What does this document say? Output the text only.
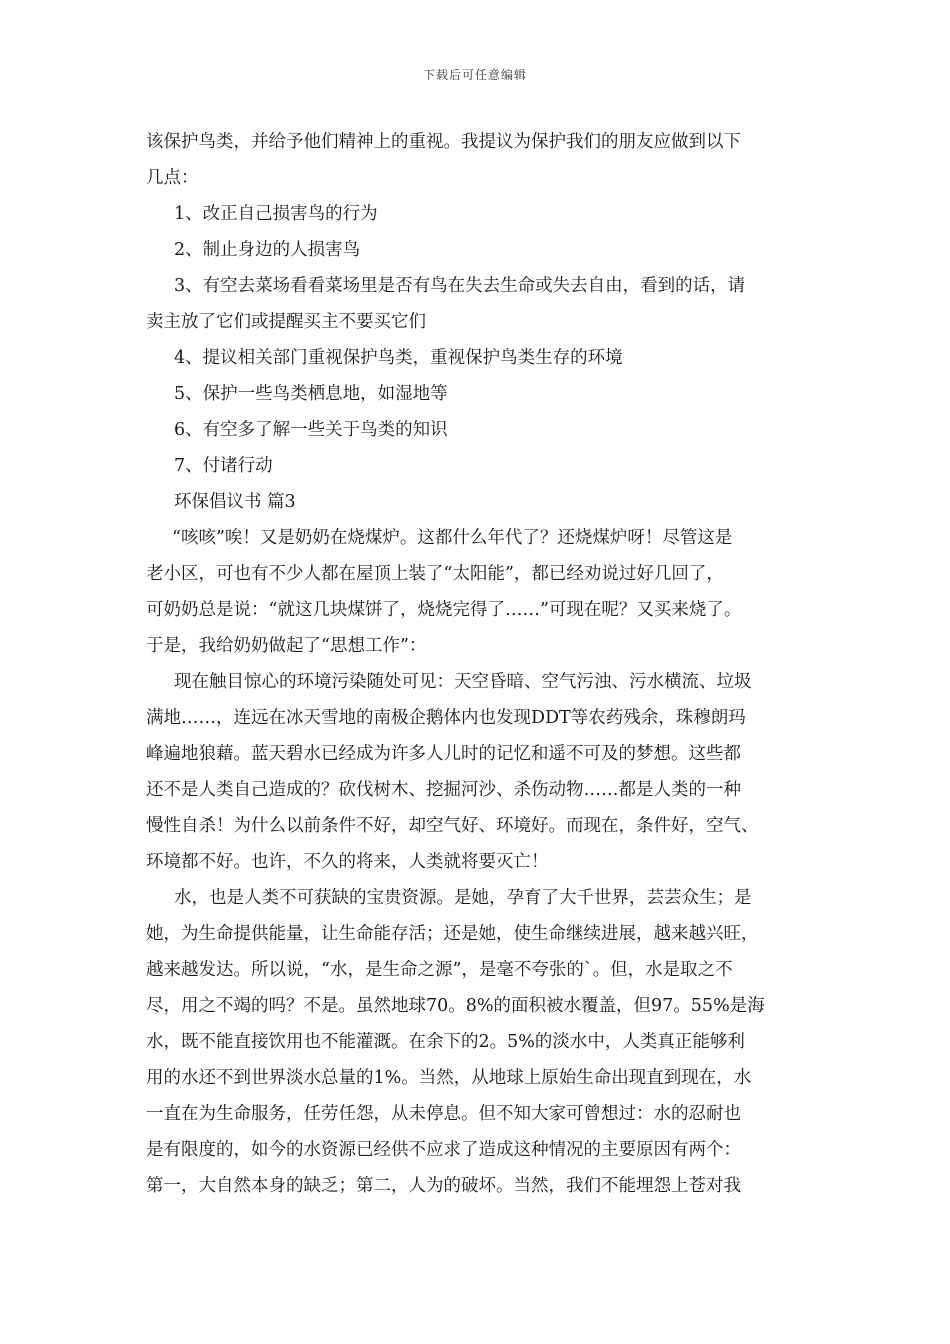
下载后可任意编辑
该保护鸟类，并给予他们精神上的重视。我提议为保护我们的朋友应做到以下
几点：
1、改正自己损害鸟的行为
2、制止身边的人损害鸟
3、有空去菜场看看菜场里是否有鸟在失去生命或失去自由，看到的话，请
卖主放了它们或提醒买主不要买它们
4、提议相关部门重视保护鸟类，重视保护鸟类生存的环境
5、保护一些鸟类栖息地，如湿地等
6、有空多了解一些关于鸟类的知识
7、付诸行动
环保倡议书 篇3
“咳咳”唉！又是奶奶在烧煤炉。这都什么年代了？还烧煤炉呀！尽管这是
老小区，可也有不少人都在屋顶上装了“太阳能”，都已经劝说过好几回了，
可奶奶总是说：“就这几块煤饼了，烧烧完得了……”可现在呢？又买来烧了。
于是，我给奶奶做起了“思想工作”：
现在触目惊心的环境污染随处可见：天空昏暗、空气污浊、污水横流、垃圾
满地……，连远在冰天雪地的南极企鹅体内也发现DDT等农药残余，珠穆朗玛
峰遍地狼藉。蓝天碧水已经成为许多人儿时的记忆和遥不可及的梦想。这些都
还不是人类自己造成的？砍伐树木、挖掘河沙、杀伤动物……都是人类的一种
慢性自杀！为什么以前条件不好，却空气好、环境好。而现在，条件好，空气、
环境都不好。也许，不久的将来，人类就将要灭亡！
水，也是人类不可获缺的宝贵资源。是她，孕育了大千世界，芸芸众生；是
她，为生命提供能量，让生命能存活；还是她，使生命继续进展，越来越兴旺，
越来越发达。所以说，“水，是生命之源”，是毫不夸张的`。但，水是取之不
尽，用之不竭的吗？不是。虽然地球70。8%的面积被水覆盖，但97。55%是海
水，既不能直接饮用也不能灌溉。在余下的2。5%的淡水中，人类真正能够利
用的水还不到世界淡水总量的1%。当然，从地球上原始生命出现直到现在，水
一直在为生命服务，任劳任怨，从未停息。但不知大家可曾想过：水的忍耐也
是有限度的，如今的水资源已经供不应求了造成这种情况的主要原因有两个：
第一，大自然本身的缺乏；第二，人为的破坏。当然，我们不能埋怨上苍对我
